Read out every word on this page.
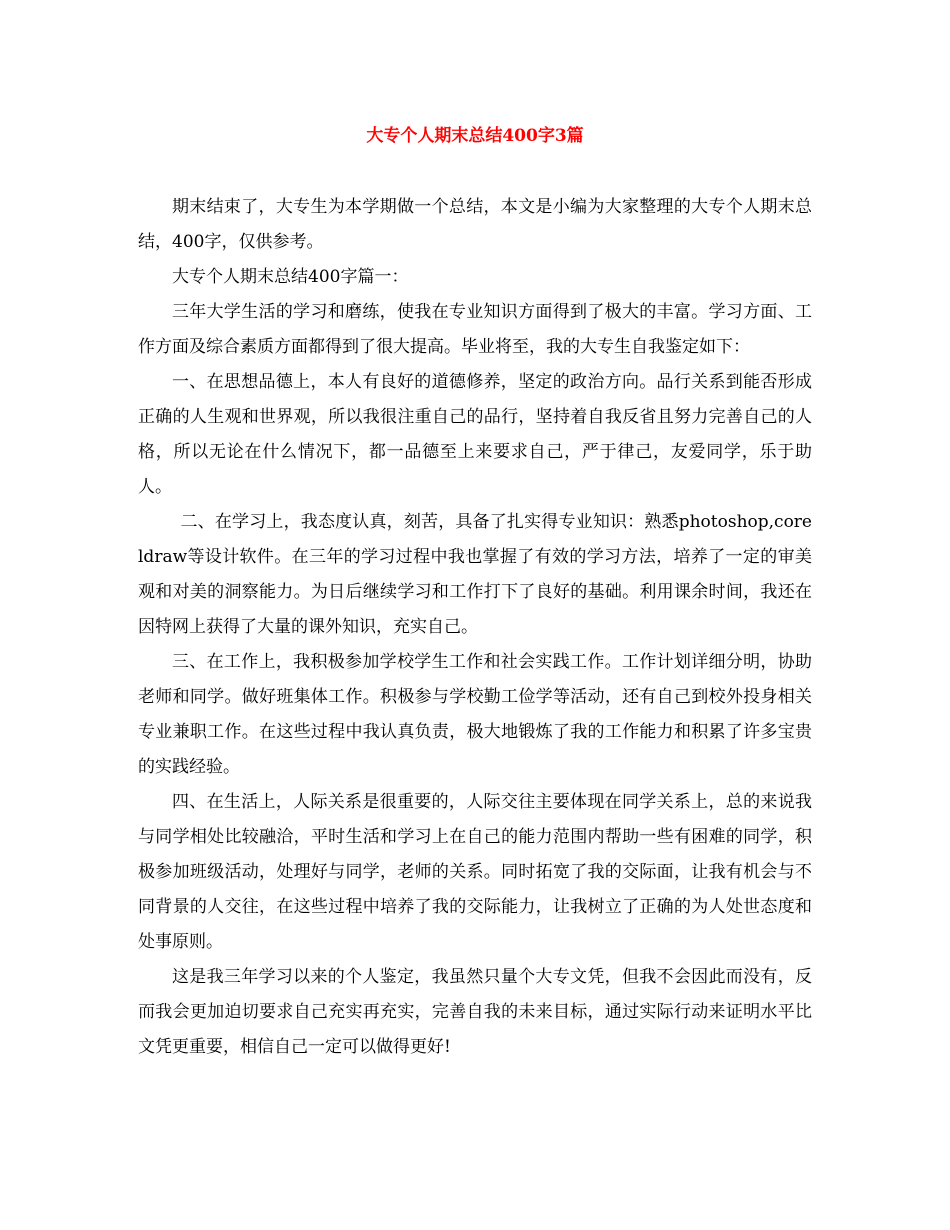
大专个人期末总结400字3篇

期末结束了，大专生为本学期做一个总结，本文是小编为大家整理的大专个人期末总结，400字，仅供参考。

大专个人期末总结400字篇一：

三年大学生活的学习和磨练，使我在专业知识方面得到了极大的丰富。学习方面、工作方面及综合素质方面都得到了很大提高。毕业将至，我的大专生自我鉴定如下：

一、在思想品德上，本人有良好的道德修养，坚定的政治方向。品行关系到能否形成正确的人生观和世界观，所以我很注重自己的品行，坚持着自我反省且努力完善自己的人格，所以无论在什么情况下，都一品德至上来要求自己，严于律己，友爱同学，乐于助人。

二、在学习上，我态度认真，刻苦，具备了扎实得专业知识：熟悉photoshop,coreldraw等设计软件。在三年的学习过程中我也掌握了有效的学习方法，培养了一定的审美观和对美的洞察能力。为日后继续学习和工作打下了良好的基础。利用课余时间，我还在因特网上获得了大量的课外知识，充实自己。

三、在工作上，我积极参加学校学生工作和社会实践工作。工作计划详细分明，协助老师和同学。做好班集体工作。积极参与学校勤工俭学等活动，还有自己到校外投身相关专业兼职工作。在这些过程中我认真负责，极大地锻炼了我的工作能力和积累了许多宝贵的实践经验。

四、在生活上，人际关系是很重要的，人际交往主要体现在同学关系上，总的来说我与同学相处比较融洽，平时生活和学习上在自己的能力范围内帮助一些有困难的同学，积极参加班级活动，处理好与同学，老师的关系。同时拓宽了我的交际面，让我有机会与不同背景的人交往，在这些过程中培养了我的交际能力，让我树立了正确的为人处世态度和处事原则。

这是我三年学习以来的个人鉴定，我虽然只量个大专文凭，但我不会因此而没有，反而我会更加迫切要求自己充实再充实，完善自我的未来目标，通过实际行动来证明水平比文凭更重要，相信自己一定可以做得更好!
